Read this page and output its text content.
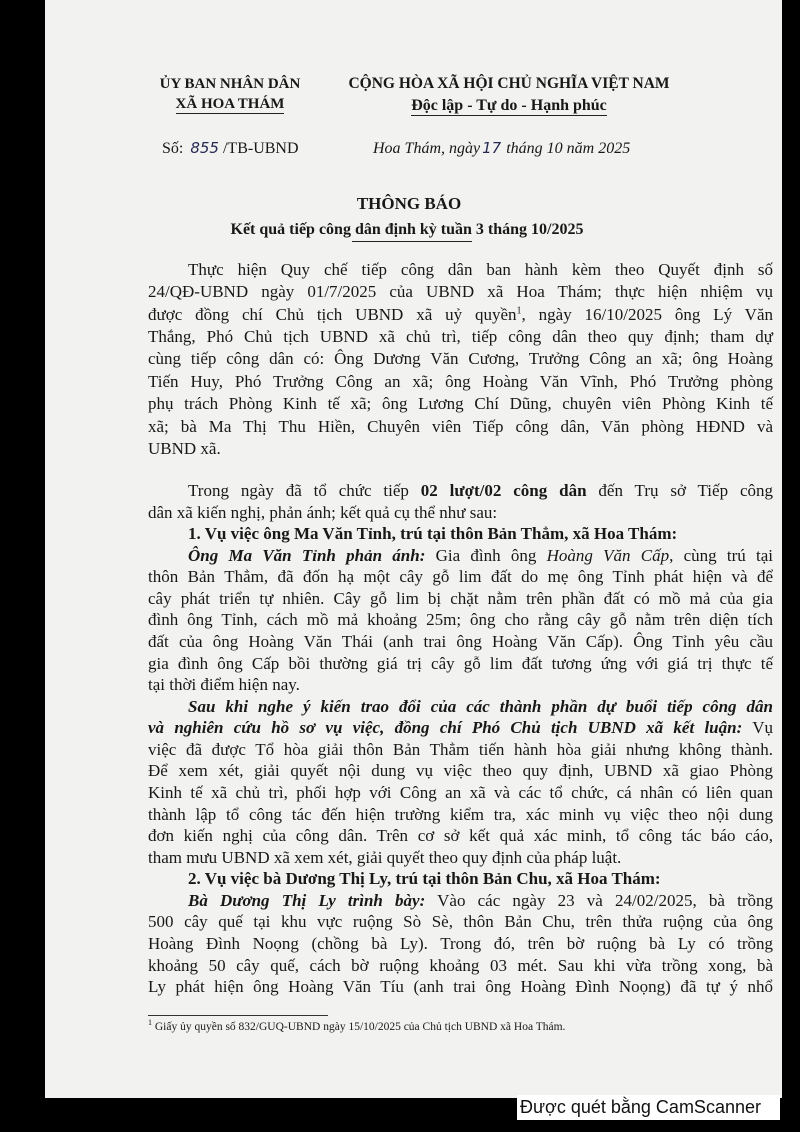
ỦY BAN NHÂN DÂN
XÃ HOA THÁM
CỘNG HÒA XÃ HỘI CHỦ NGHĨA VIỆT NAM
Độc lập - Tự do - Hạnh phúc
Số: 855 /TB-UBND	Hoa Thám, ngày 17 tháng 10 năm 2025
THÔNG BÁO
Kết quả tiếp công dân định kỳ tuần 3 tháng 10/2025
Thực hiện Quy chế tiếp công dân ban hành kèm theo Quyết định số
24/QĐ-UBND ngày 01/7/2025 của UBND xã Hoa Thám; thực hiện nhiệm vụ
được đồng chí Chủ tịch UBND xã uỷ quyền$^1$, ngày 16/10/2025 ông Lý Văn
Thắng, Phó Chủ tịch UBND xã chủ trì, tiếp công dân theo quy định; tham dự
cùng tiếp công dân có: Ông Dương Văn Cương, Trưởng Công an xã; ông Hoàng
Tiến Huy, Phó Trưởng Công an xã; ông Hoàng Văn Vĩnh, Phó Trưởng phòng
phụ trách Phòng Kinh tế xã; ông Lương Chí Dũng, chuyên viên Phòng Kinh tế
xã; bà Ma Thị Thu Hiền, Chuyên viên Tiếp công dân, Văn phòng HĐND và
UBND xã.
Trong ngày đã tổ chức tiếp 02 lượt/02 công dân đến Trụ sở Tiếp công
dân xã kiến nghị, phản ánh; kết quả cụ thể như sau:
1. Vụ việc ông Ma Văn Tỉnh, trú tại thôn Bản Thẳm, xã Hoa Thám:
Ông Ma Văn Tỉnh phản ánh: Gia đình ông Hoàng Văn Cấp, cùng trú tại
thôn Bản Thẳm, đã đốn hạ một cây gỗ lim đất do mẹ ông Tỉnh phát hiện và để
cây phát triển tự nhiên. Cây gỗ lim bị chặt nằm trên phần đất có mồ mả của gia
đình ông Tỉnh, cách mồ mả khoảng 25m; ông cho rằng cây gỗ nằm trên diện tích
đất của ông Hoàng Văn Thái (anh trai ông Hoàng Văn Cấp). Ông Tỉnh yêu cầu
gia đình ông Cấp bồi thường giá trị cây gỗ lim đất tương ứng với giá trị thực tế
tại thời điểm hiện nay.
Sau khi nghe ý kiến trao đổi của các thành phần dự buổi tiếp công dân
và nghiên cứu hồ sơ vụ việc, đồng chí Phó Chủ tịch UBND xã kết luận: Vụ
việc đã được Tổ hòa giải thôn Bản Thẳm tiến hành hòa giải nhưng không thành.
Để xem xét, giải quyết nội dung vụ việc theo quy định, UBND xã giao Phòng
Kinh tế xã chủ trì, phối hợp với Công an xã và các tổ chức, cá nhân có liên quan
thành lập tổ công tác đến hiện trường kiểm tra, xác minh vụ việc theo nội dung
đơn kiến nghị của công dân. Trên cơ sở kết quả xác minh, tổ công tác báo cáo,
tham mưu UBND xã xem xét, giải quyết theo quy định của pháp luật.
2. Vụ việc bà Dương Thị Ly, trú tại thôn Bản Chu, xã Hoa Thám:
Bà Dương Thị Ly trình bày: Vào các ngày 23 và 24/02/2025, bà trồng
500 cây quế tại khu vực ruộng Sò Sè, thôn Bản Chu, trên thửa ruộng của ông
Hoàng Đình Noọng (chồng bà Ly). Trong đó, trên bờ ruộng bà Ly có trồng
khoảng 50 cây quế, cách bờ ruộng khoảng 03 mét. Sau khi vừa trồng xong, bà
Ly phát hiện ông Hoàng Văn Tíu (anh trai ông Hoàng Đình Noọng) đã tự ý nhổ
$^1$ Giấy ủy quyền số 832/GUQ-UBND ngày 15/10/2025 của Chủ tịch UBND xã Hoa Thám.
Được quét bằng CamScanner
